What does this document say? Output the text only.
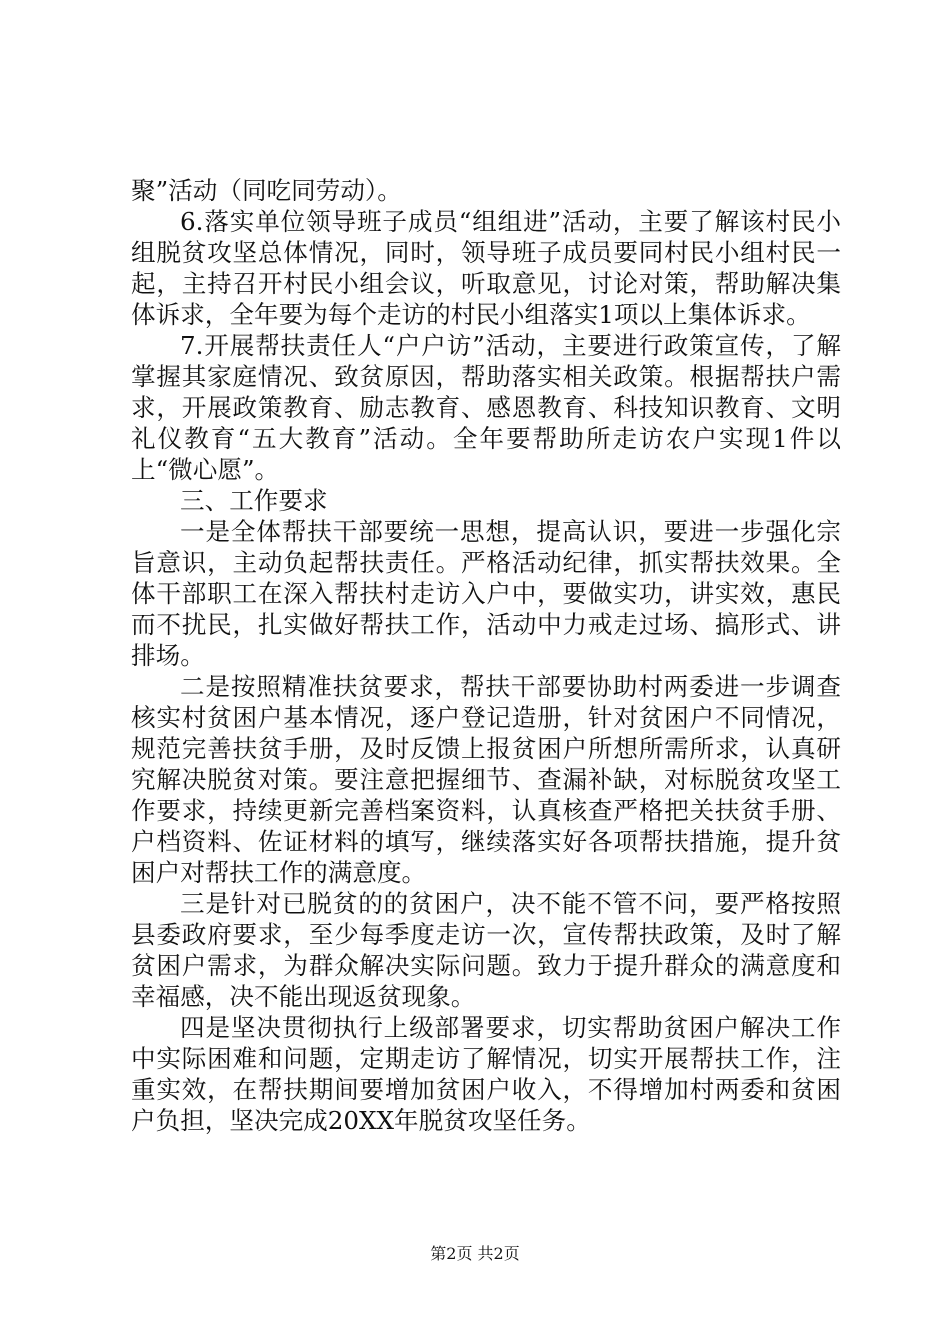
聚”活动（同吃同劳动）。

6.落实单位领导班子成员“组组进”活动，主要了解该村民小组脱贫攻坚总体情况，同时，领导班子成员要同村民小组村民一起，主持召开村民小组会议，听取意见，讨论对策，帮助解决集体诉求，全年要为每个走访的村民小组落实1项以上集体诉求。

7.开展帮扶责任人“户户访”活动，主要进行政策宣传，了解掌握其家庭情况、致贫原因，帮助落实相关政策。根据帮扶户需求，开展政策教育、励志教育、感恩教育、科技知识教育、文明礼仪教育“五大教育”活动。全年要帮助所走访农户实现1件以上“微心愿”。

三、工作要求

一是全体帮扶干部要统一思想，提高认识，要进一步强化宗旨意识，主动负起帮扶责任。严格活动纪律，抓实帮扶效果。全体干部职工在深入帮扶村走访入户中，要做实功，讲实效，惠民而不扰民，扎实做好帮扶工作，活动中力戒走过场、搞形式、讲排场。

二是按照精准扶贫要求，帮扶干部要协助村两委进一步调查核实村贫困户基本情况，逐户登记造册，针对贫困户不同情况，规范完善扶贫手册，及时反馈上报贫困户所想所需所求，认真研究解决脱贫对策。要注意把握细节、查漏补缺，对标脱贫攻坚工作要求，持续更新完善档案资料，认真核查严格把关扶贫手册、户档资料、佐证材料的填写，继续落实好各项帮扶措施，提升贫困户对帮扶工作的满意度。

三是针对已脱贫的的贫困户，决不能不管不问，要严格按照县委政府要求，至少每季度走访一次，宣传帮扶政策，及时了解贫困户需求，为群众解决实际问题。致力于提升群众的满意度和幸福感，决不能出现返贫现象。

四是坚决贯彻执行上级部署要求，切实帮助贫困户解决工作中实际困难和问题，定期走访了解情况，切实开展帮扶工作，注重实效，在帮扶期间要增加贫困户收入，不得增加村两委和贫困户负担，坚决完成20XX年脱贫攻坚任务。

第2页 共2页
